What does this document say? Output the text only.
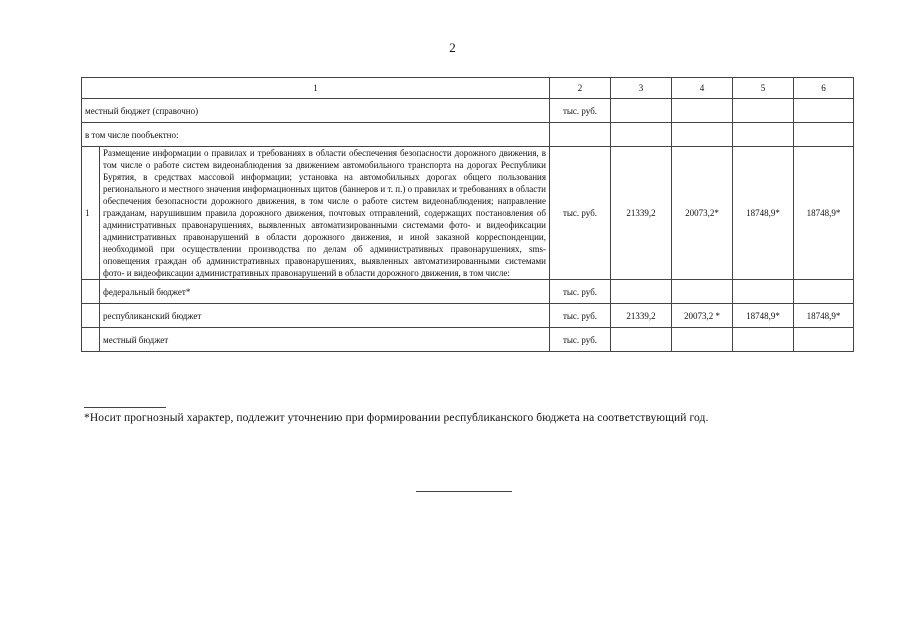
2
1		2	3	4	5	6
местный бюджет (справочно)		тыс. руб.				
в том числе пообъектно:						
1	Размещение информации о правилах и требованиях в области обеспечения безопасности дорожного движения, в том числе о работе систем видеонаблюдения за движением автомобильного транспорта на дорогах Республики Бурятия, в средствах массовой информации; установка на автомобильных дорогах общего пользования регионального и местного значения информационных щитов (баннеров и т. п.) о правилах и требованиях в области обеспечения безопасности дорожного движения, в том числе о работе систем видеонаблюдения; направление гражданам, нарушившим правила дорожного движения, почтовых отправлений, содержащих постановления об административных правонарушениях, выявленных автоматизированными системами фото- и видеофиксации административных правонарушений в области дорожного движения, и иной заказной корреспонденции, необходимой при осуществлении производства по делам об административных правонарушениях, sms-оповещения граждан об административных правонарушениях, выявленных автоматизированными системами фото- и видеофиксации административных правонарушений в области дорожного движения, в том числе:	тыс. руб.	21339,2	20073,2*	18748,9*	18748,9*
	федеральный бюджет*	тыс. руб.				
	республиканский бюджет	тыс. руб.	21339,2	20073,2 *	18748,9*	18748,9*
	местный бюджет	тыс. руб.				
*Носит прогнозный характер, подлежит уточнению при формировании республиканского бюджета на соответствующий год.
